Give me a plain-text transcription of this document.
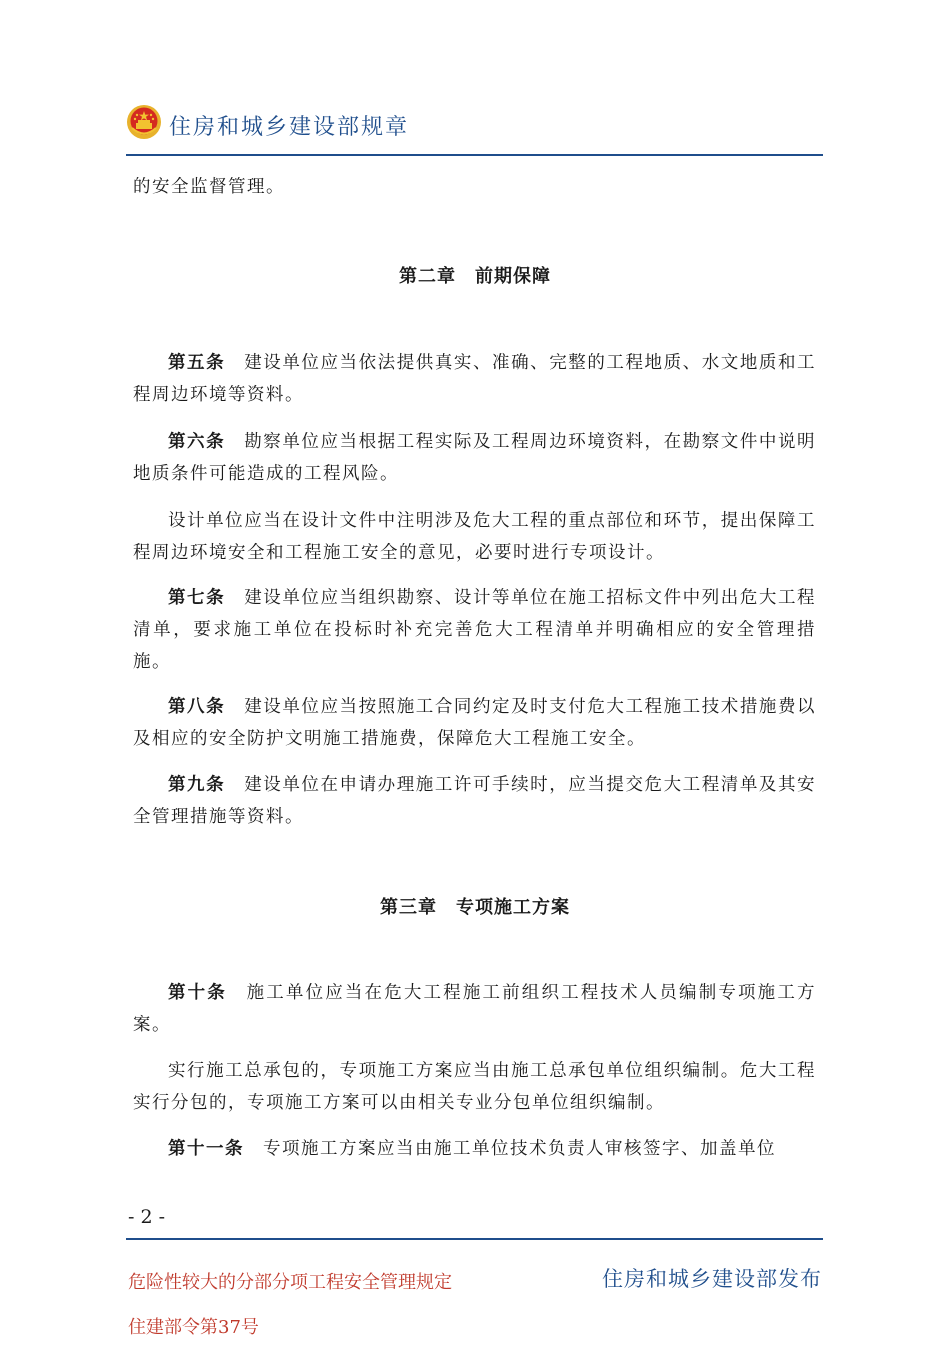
住房和城乡建设部规章

的安全监督管理。

第二章　前期保障

第五条　 建设单位应当依法提供真实、准确、完整的工程地质、水文地质和工程周边环境等资料。

第六条　 勘察单位应当根据工程实际及工程周边环境资料，在勘察文件中说明地质条件可能造成的工程风险。

设计单位应当在设计文件中注明涉及危大工程的重点部位和环节，提出保障工程周边环境安全和工程施工安全的意见，必要时进行专项设计。

第七条　 建设单位应当组织勘察、设计等单位在施工招标文件中列出危大工程清单，要求施工单位在投标时补充完善危大工程清单并明确相应的安全管理措施。

第八条　 建设单位应当按照施工合同约定及时支付危大工程施工技术措施费以及相应的安全防护文明施工措施费，保障危大工程施工安全。

第九条　 建设单位在申请办理施工许可手续时，应当提交危大工程清单及其安全管理措施等资料。

第三章　专项施工方案

第十条　 施工单位应当在危大工程施工前组织工程技术人员编制专项施工方案。

实行施工总承包的，专项施工方案应当由施工总承包单位组织编制。危大工程实行分包的，专项施工方案可以由相关专业分包单位组织编制。

第十一条　 专项施工方案应当由施工单位技术负责人审核签字、加盖单位

- 2 -
危险性较大的分部分项工程安全管理规定
住建部令第37号
住房和城乡建设部发布
